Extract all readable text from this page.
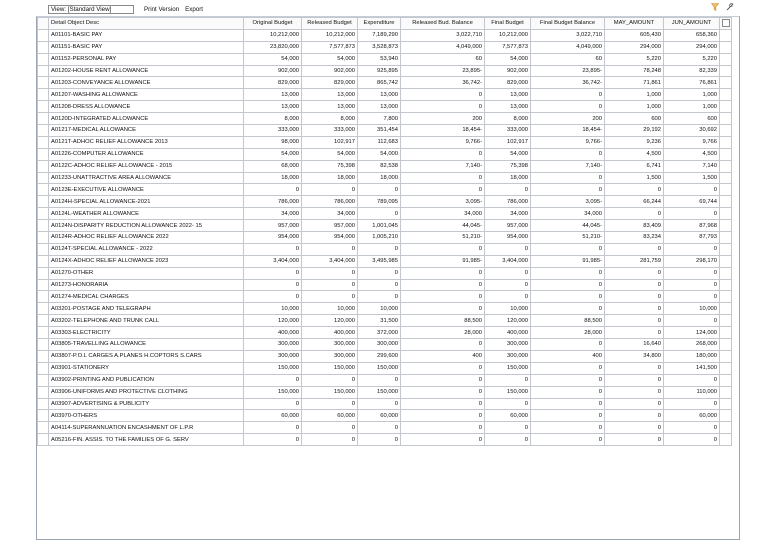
View: [Standard View]	Print Version Export
	Detail Object Desc	Original Budget	Released Budget	Expenditure	Released Bud. Balance	Final Budget	Final Budget Balance	MAY_AMOUNT	JUN_AMOUNT	

	A01101-BASIC PAY	10,212,000	10,212,000	7,189,290	3,022,710	10,212,000	3,022,710	605,430	658,360	
	A01151-BASIC PAY	23,820,000	7,577,873	3,528,873	4,049,000	7,577,873	4,049,000	294,000	294,000	
	A01152-PERSONAL PAY	54,000	54,000	53,940	60	54,000	60	5,220	5,220	
	A01202-HOUSE RENT ALLOWANCE	902,000	902,000	925,895	23,895-	902,000	23,895-	78,248	82,339	
	A01203-CONVEYANCE ALLOWANCE	829,000	829,000	865,742	36,742-	829,000	36,742-	71,861	76,861	
	A01207-WASHING ALLOWANCE	13,000	13,000	13,000	0	13,000	0	1,000	1,000	
	A01208-DRESS ALLOWANCE	13,000	13,000	13,000	0	13,000	0	1,000	1,000	
	A0120D-INTEGRATED ALLOWANCE	8,000	8,000	7,800	200	8,000	200	600	600	
	A01217-MEDICAL ALLOWANCE	333,000	333,000	351,454	18,454-	333,000	18,454-	29,192	30,692	
	A0121T-ADHOC RELIEF ALLOWANCE 2013	98,000	102,917	112,683	9,766-	102,917	9,766-	9,236	9,766	
	A01226-COMPUTER ALLOWANCE	54,000	54,000	54,000	0	54,000	0	4,500	4,500	
	A0122C-ADHOC RELIEF ALLOWANCE - 2015	68,000	75,398	82,538	7,140-	75,398	7,140-	6,741	7,140	
	A01233-UNATTRACTIVE AREA ALLOWANCE	18,000	18,000	18,000	0	18,000	0	1,500	1,500	
	A0123E-EXECUTIVE ALLOWANCE	0	0	0	0	0	0	0	0	
	A0124H-SPECIAL ALLOWANCE-2021	786,000	786,000	789,095	3,095-	786,000	3,095-	66,244	69,744	
	A0124L-WEATHER ALLOWANCE	34,000	34,000	0	34,000	34,000	34,000	0	0	
	A0124N-DISPARITY REDUCTION ALLOWANCE 2022- 15	957,000	957,000	1,001,045	44,045-	957,000	44,045-	83,409	87,968	
	A0124R-ADHOC RELIEF ALLOWANCE 2022	954,000	954,000	1,005,210	51,210-	954,000	51,210-	83,234	87,793	
	A0124T-SPECIAL ALLOWANCE - 2022	0	0	0	0	0	0	0	0	
	A0124X-ADHOC RELIEF ALLOWANCE 2023	3,404,000	3,404,000	3,495,985	91,985-	3,404,000	91,985-	281,759	298,170	
	A01270-OTHER	0	0	0	0	0	0	0	0	
	A01273-HONORARIA	0	0	0	0	0	0	0	0	
	A01274-MEDICAL CHARGES	0	0	0	0	0	0	0	0	
	A03201-POSTAGE AND TELEGRAPH	10,000	10,000	10,000	0	10,000	0	0	10,000	
	A03202-TELEPHONE AND TRUNK CALL	120,000	120,000	31,500	88,500	120,000	88,500	0	0	
	A03303-ELECTRICITY	400,000	400,000	372,000	28,000	400,000	28,000	0	124,000	
	A03805-TRAVELLING ALLOWANCE	300,000	300,000	300,000	0	300,000	0	16,640	268,000	
	A03807-P.O.L CARGES A.PLANES H.COPTORS S.CARS	300,000	300,000	299,600	400	300,000	400	34,800	180,000	
	A03901-STATIONERY	150,000	150,000	150,000	0	150,000	0	0	141,500	
	A03902-PRINTING AND PUBLICATION	0	0	0	0	0	0	0	0	
	A03906-UNIFORMS AND PROTECTIVE CLOTHING	150,000	150,000	150,000	0	150,000	0	0	110,000	
	A03907-ADVERTISING & PUBLICITY	0	0	0	0	0	0	0	0	
	A03970-OTHERS	60,000	60,000	60,000	0	60,000	0	0	60,000	
	A04114-SUPERANNUATION ENCASHMENT OF L.P.R	0	0	0	0	0	0	0	0	
	A05216-FIN. ASSIS. TO THE FAMILIES OF G. SERV	0	0	0	0	0	0	0	0	
